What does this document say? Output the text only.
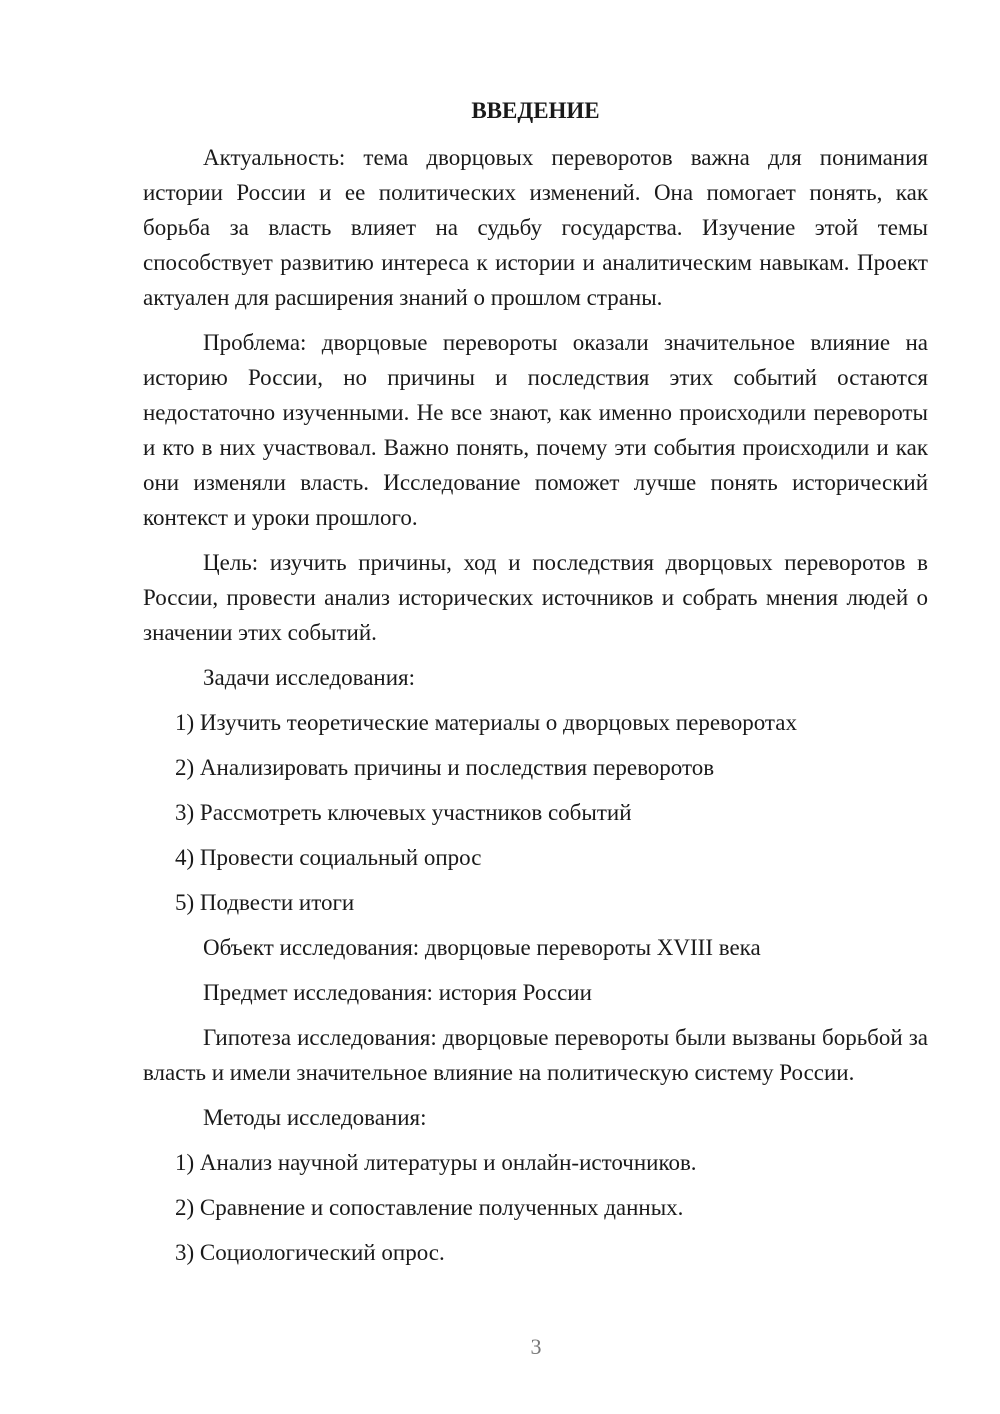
ВВЕДЕНИЕ

Актуальность: тема дворцовых переворотов важна для понимания истории России и ее политических изменений. Она помогает понять, как борьба за власть влияет на судьбу государства. Изучение этой темы способствует развитию интереса к истории и аналитическим навыкам. Проект актуален для расширения знаний о прошлом страны.

Проблема: дворцовые перевороты оказали значительное влияние на историю России, но причины и последствия этих событий остаются недостаточно изученными. Не все знают, как именно происходили перевороты и кто в них участвовал. Важно понять, почему эти события происходили и как они изменяли власть. Исследование поможет лучше понять исторический контекст и уроки прошлого.

Цель: изучить причины, ход и последствия дворцовых переворотов в России, провести анализ исторических источников и собрать мнения людей о значении этих событий.

Задачи исследования:
1) Изучить теоретические материалы о дворцовых переворотах
2) Анализировать причины и последствия переворотов
3) Рассмотреть ключевых участников событий
4) Провести социальный опрос
5) Подвести итоги
Объект исследования: дворцовые перевороты XVIII века
Предмет исследования: история России

Гипотеза исследования: дворцовые перевороты были вызваны борьбой за власть и имели значительное влияние на политическую систему России.

Методы исследования:
1) Анализ научной литературы и онлайн-источников.
2) Сравнение и сопоставление полученных данных.
3) Социологический опрос.
3
